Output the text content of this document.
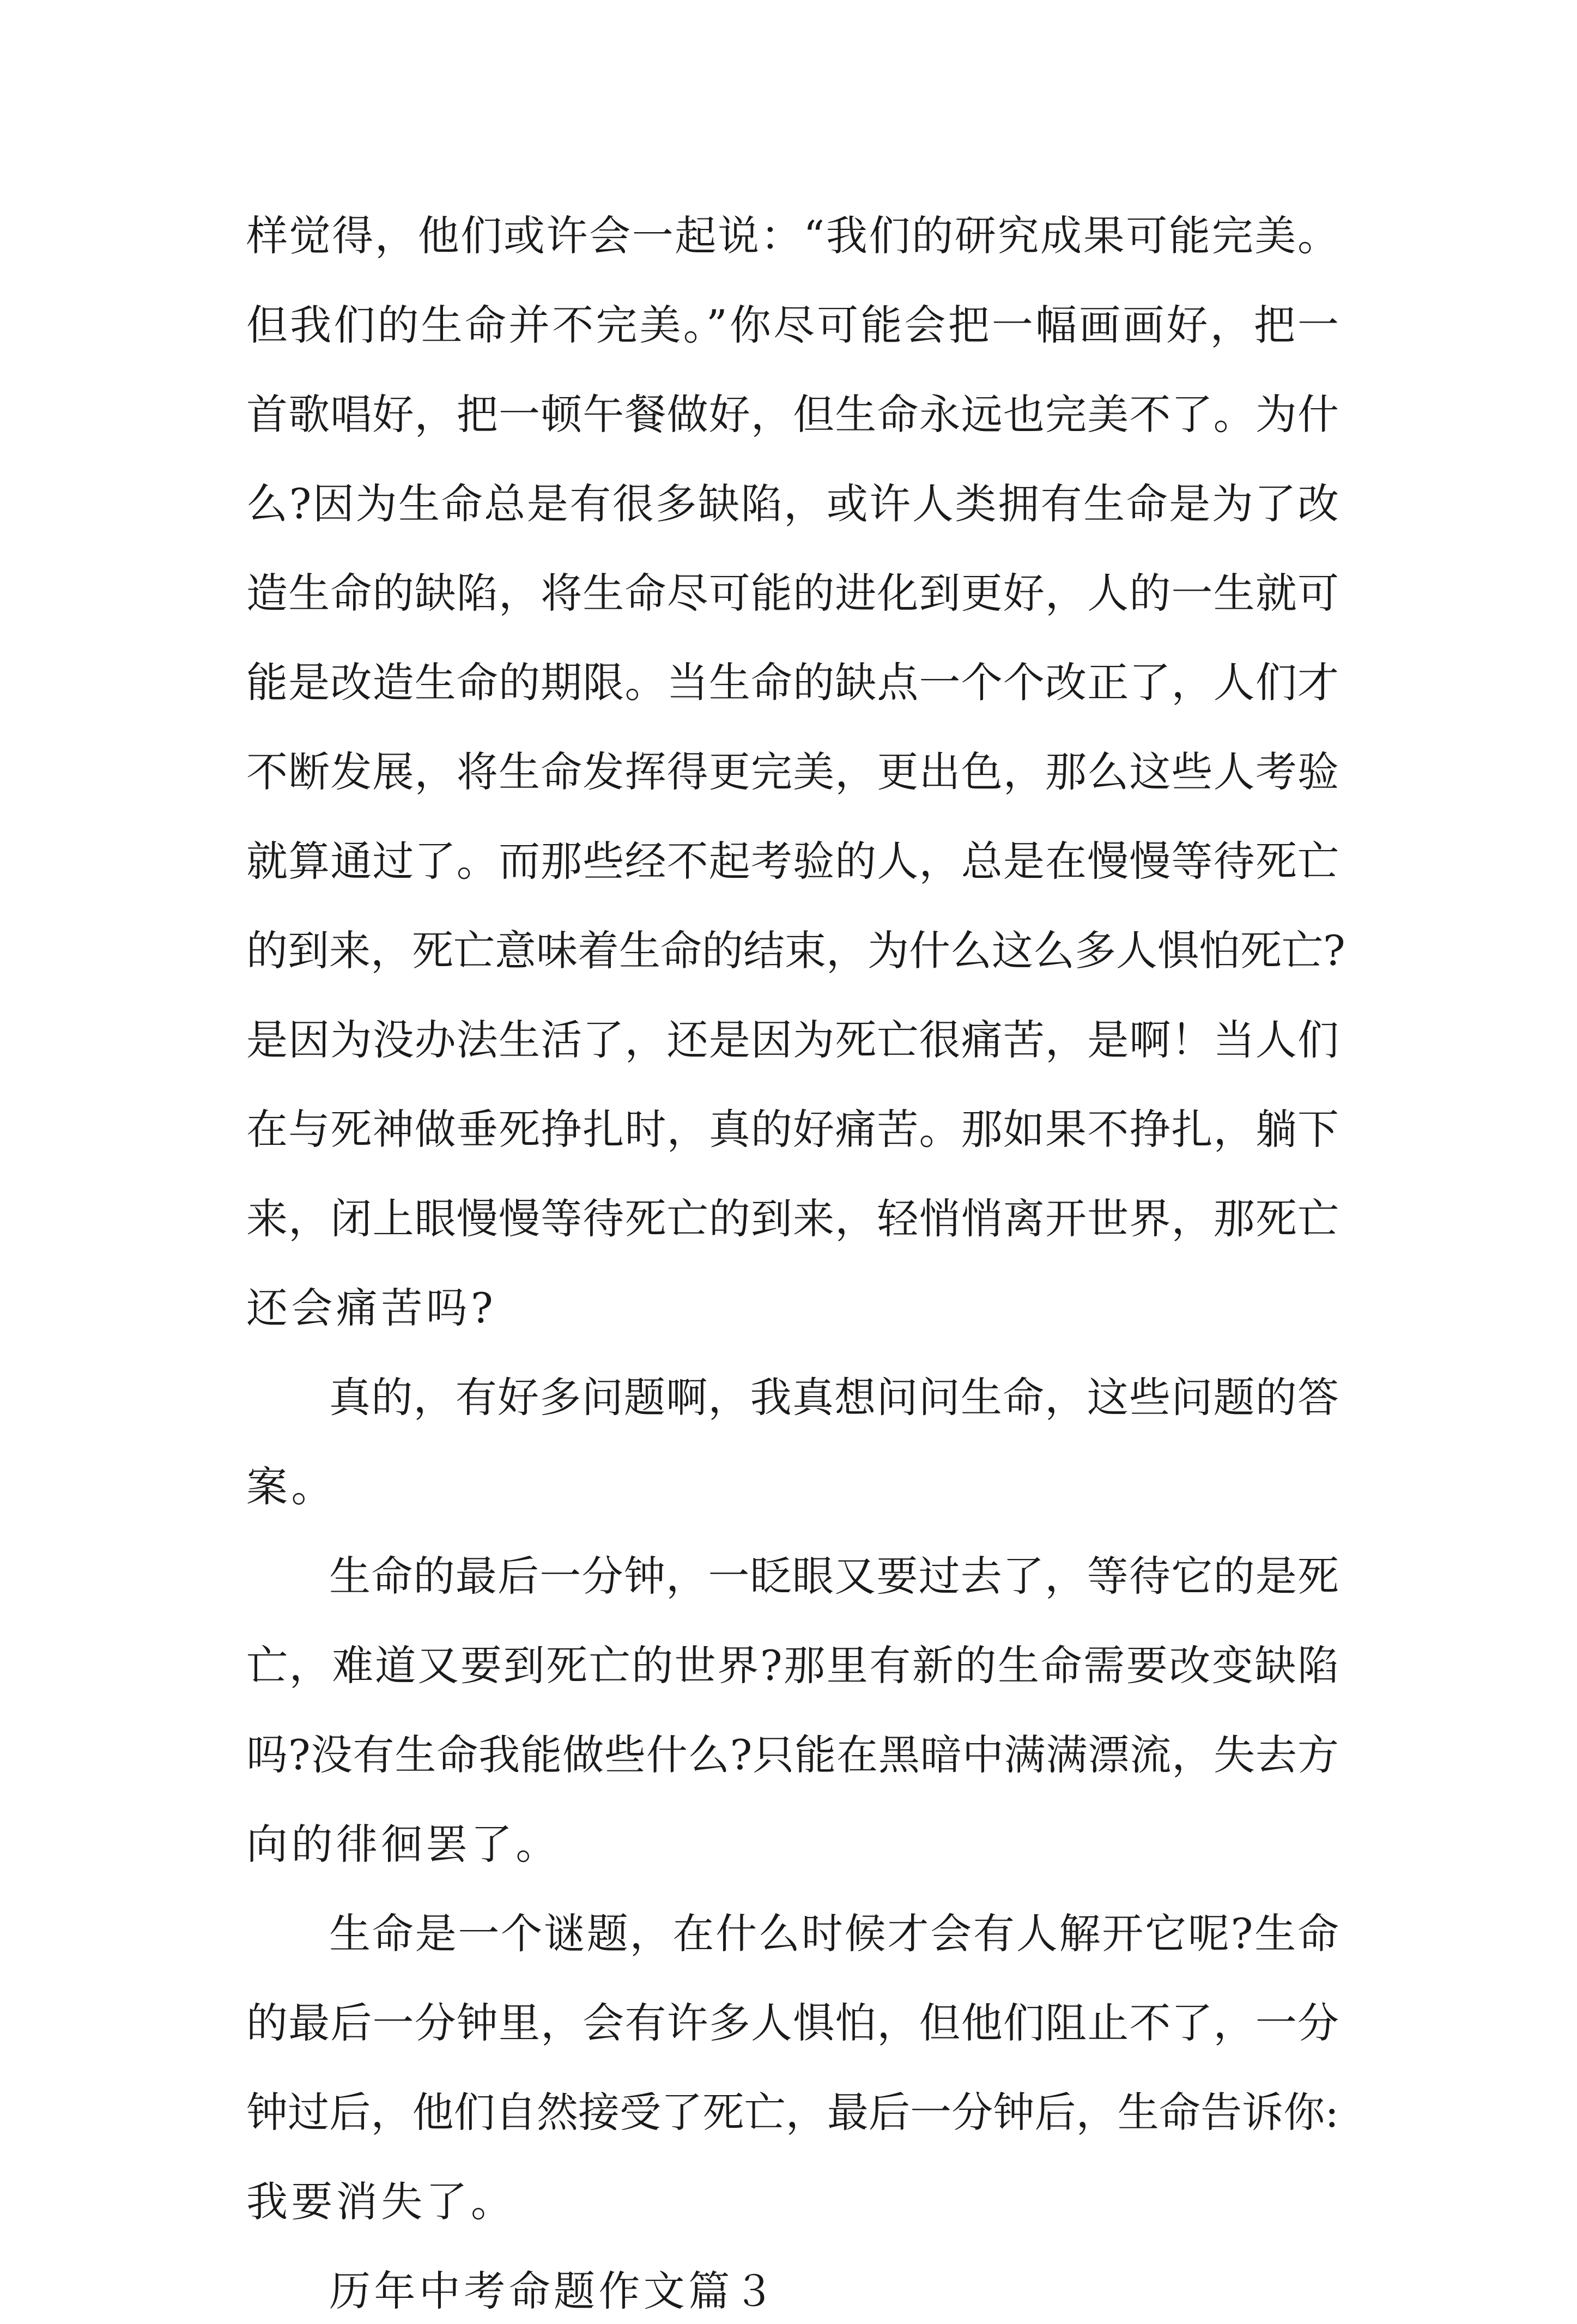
样觉得，他们或许会一起说：“我们的研究成果可能完美。
但我们的生命并不完美。”你尽可能会把一幅画画好，把一
首歌唱好，把一顿午餐做好，但生命永远也完美不了。为什
么?因为生命总是有很多缺陷，或许人类拥有生命是为了改
造生命的缺陷，将生命尽可能的进化到更好，人的一生就可
能是改造生命的期限。当生命的缺点一个个改正了，人们才
不断发展，将生命发挥得更完美，更出色，那么这些人考验
就算通过了。而那些经不起考验的人，总是在慢慢等待死亡
的到来，死亡意味着生命的结束，为什么这么多人惧怕死亡?
是因为没办法生活了，还是因为死亡很痛苦，是啊！当人们
在与死神做垂死挣扎时，真的好痛苦。那如果不挣扎，躺下
来，闭上眼慢慢等待死亡的到来，轻悄悄离开世界，那死亡
还会痛苦吗?
真的，有好多问题啊，我真想问问生命，这些问题的答
案。
生命的最后一分钟，一眨眼又要过去了，等待它的是死
亡，难道又要到死亡的世界?那里有新的生命需要改变缺陷
吗?没有生命我能做些什么?只能在黑暗中满满漂流，失去方
向的徘徊罢了。
生命是一个谜题，在什么时候才会有人解开它呢?生命
的最后一分钟里，会有许多人惧怕，但他们阻止不了，一分
钟过后，他们自然接受了死亡，最后一分钟后，生命告诉你:
我要消失了。
历年中考命题作文篇３
